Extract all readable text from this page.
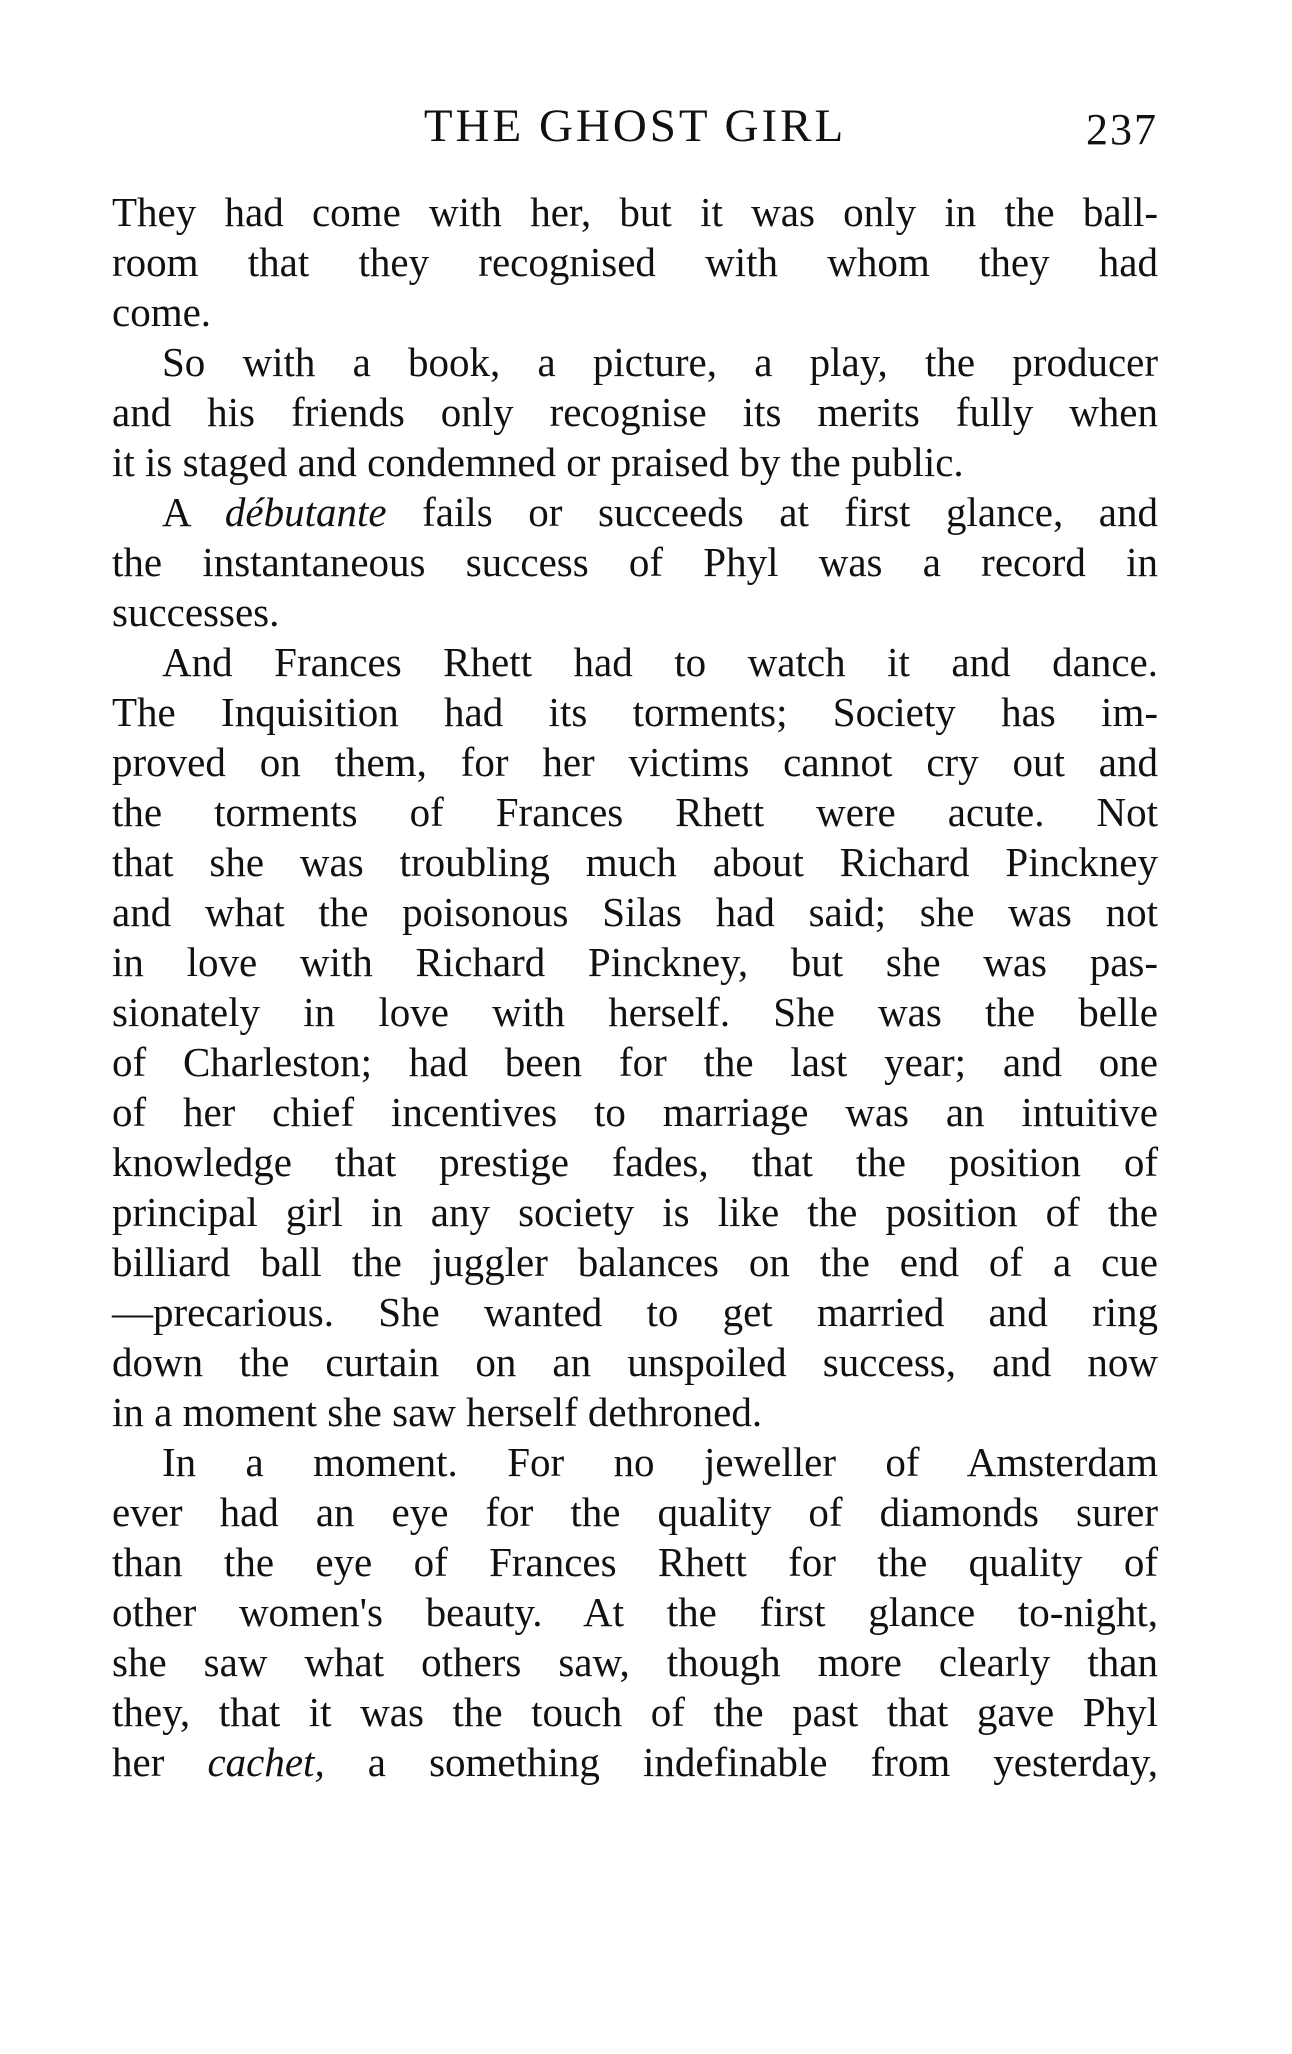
THE GHOST GIRL	237
They had come with her, but it was only in the ball-
room that they recognised with whom they had
come.
So with a book, a picture, a play, the producer
and his friends only recognise its merits fully when
it is staged and condemned or praised by the public.
A débutante fails or succeeds at first glance, and
the instantaneous success of Phyl was a record in
successes.
And Frances Rhett had to watch it and dance.
The Inquisition had its torments; Society has im-
proved on them, for her victims cannot cry out and
the torments of Frances Rhett were acute. Not
that she was troubling much about Richard Pinckney
and what the poisonous Silas had said; she was not
in love with Richard Pinckney, but she was pas-
sionately in love with herself. She was the belle
of Charleston; had been for the last year; and one
of her chief incentives to marriage was an intuitive
knowledge that prestige fades, that the position of
principal girl in any society is like the position of the
billiard ball the juggler balances on the end of a cue
—precarious. She wanted to get married and ring
down the curtain on an unspoiled success, and now
in a moment she saw herself dethroned.
In a moment. For no jeweller of Amsterdam
ever had an eye for the quality of diamonds surer
than the eye of Frances Rhett for the quality of
other women's beauty. At the first glance to-night,
she saw what others saw, though more clearly than
they, that it was the touch of the past that gave Phyl
her cachet, a something indefinable from yesterday,
